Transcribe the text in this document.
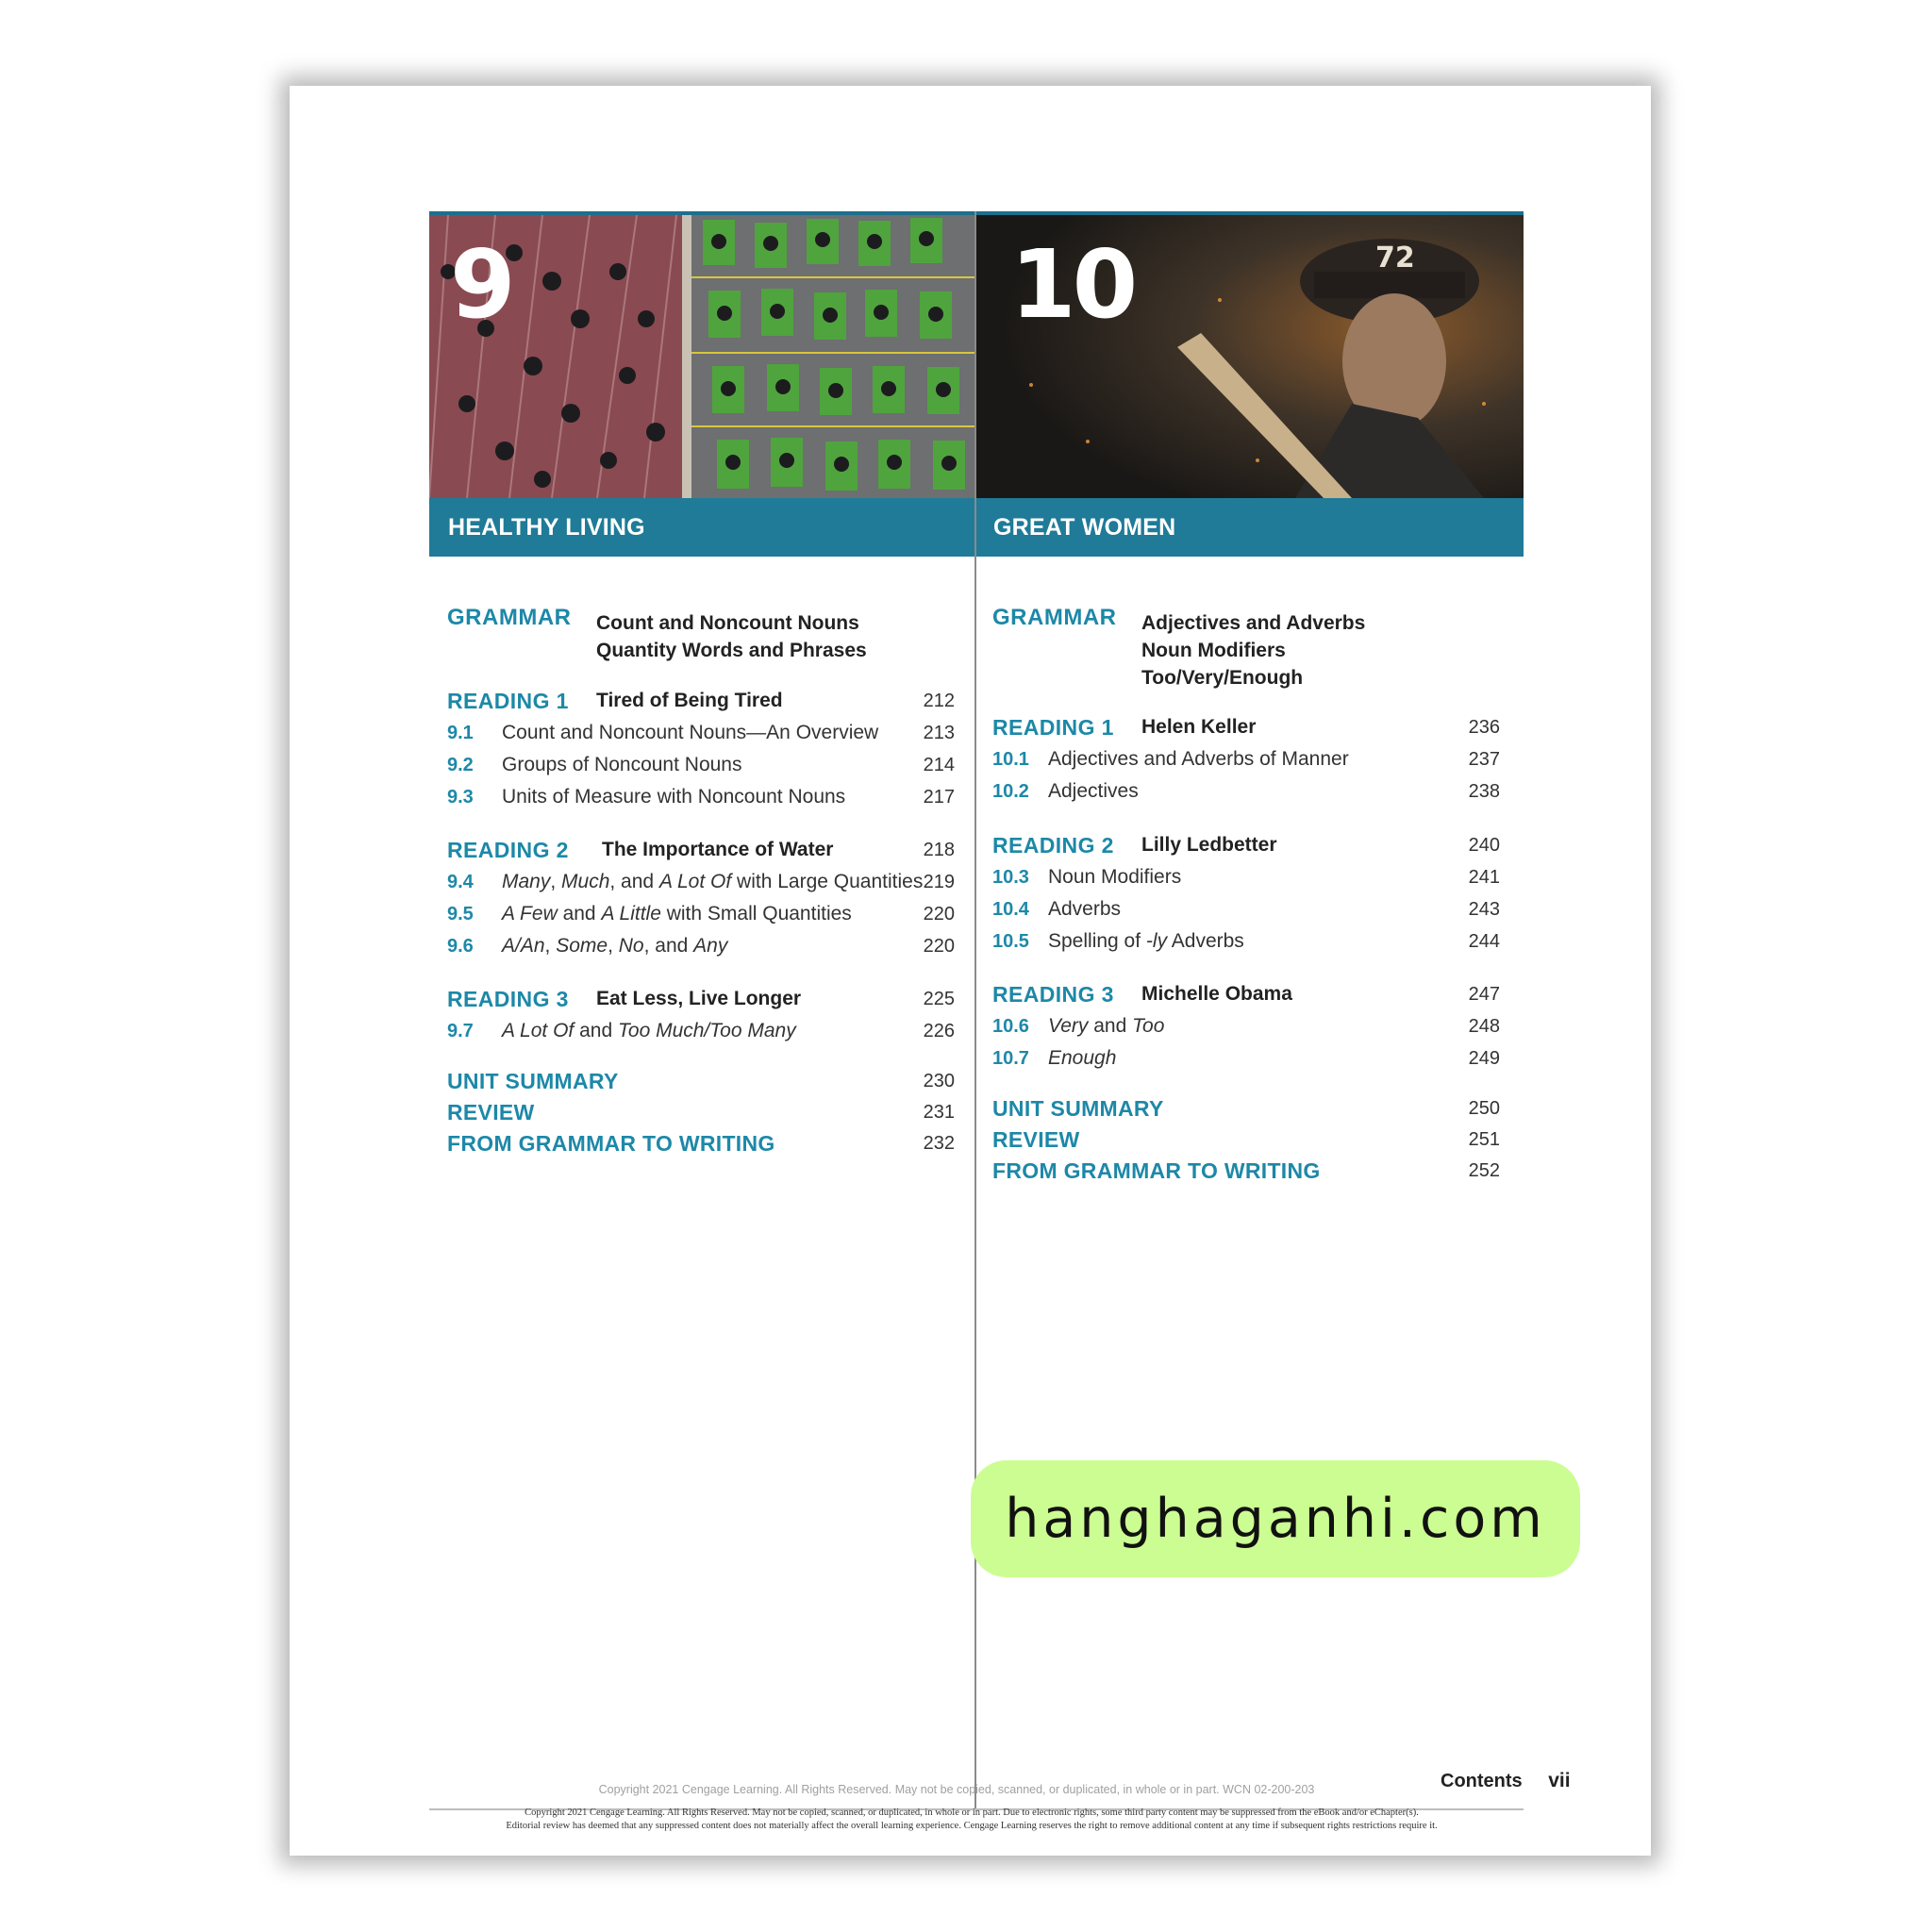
9
HEALTHY LIVING
72
10
GREAT WOMEN
GRAMMAR Count and Noncount Nouns
Quantity Words and Phrases
READING 1 Tired of Being Tired	212
9.1 Count and Noncount Nouns—An Overview 213
9.2 Groups of Noncount Nouns	214
9.3 Units of Measure with Noncount Nouns	217
READING 2 The Importance of Water	218
9.4 Many, Much, and A Lot Of with Large Quantities 219
9.5 A Few and A Little with Small Quantities	220
9.6 A/An, Some, No, and Any	220
READING 3 Eat Less, Live Longer	225
9.7 A Lot Of and Too Much/Too Many	226
UNIT SUMMARY	230
REVIEW	231
FROM GRAMMAR TO WRITING	232
GRAMMAR Adjectives and Adverbs
Noun Modifiers
Too/Very/Enough
READING 1 Helen Keller	236
10.1 Adjectives and Adverbs of Manner	237
10.2 Adjectives	238
READING 2 Lilly Ledbetter	240
10.3 Noun Modifiers	241
10.4 Adverbs	243
10.5 Spelling of -ly Adverbs	244
READING 3 Michelle Obama	247
10.6 Very and Too	248
10.7 Enough	249
UNIT SUMMARY	250
REVIEW	251
FROM GRAMMAR TO WRITING	252
Contents vii
Copyright 2021 Cengage Learning. All Rights Reserved. May not be copied, scanned, or duplicated, in whole or in part. WCN 02-200-203
Copyright 2021 Cengage Learning. All Rights Reserved. May not be copied, scanned, or duplicated, in whole or in part. Due to electronic rights, some third party content may be suppressed from the eBook and/or eChapter(s).
Editorial review has deemed that any suppressed content does not materially affect the overall learning experience. Cengage Learning reserves the right to remove additional content at any time if subsequent rights restrictions require it.
hanghaganhi.com
